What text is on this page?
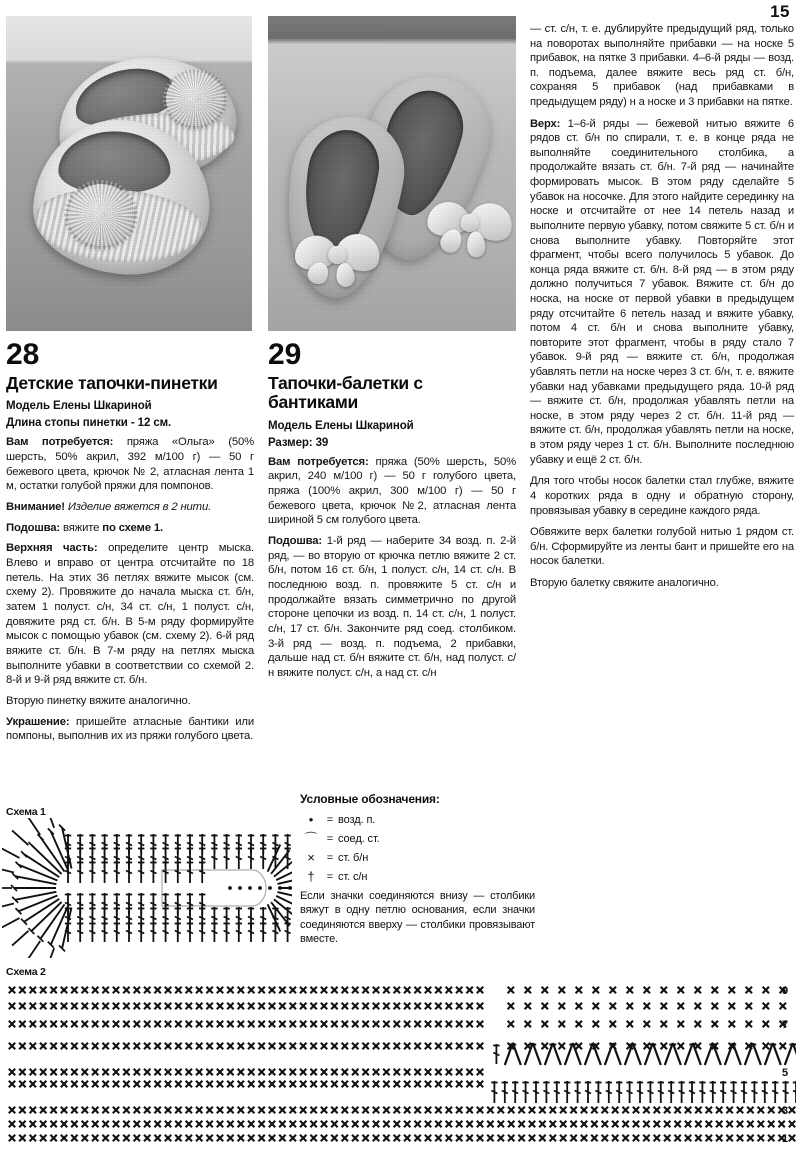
15
28
Детские тапочки-пинетки
Модель Елены Шкариной
Длина стопы пинетки - 12 см.

Вам потребуется: пряжа «Ольга» (50% шерсть, 50% акрил, 392 м/100 г) — 50 г бежевого цвета, крючок № 2, атласная лента 1 м, остатки голубой пряжи для помпонов.

Внимание! Изделие вяжется в 2 нити.

Подошва: вяжите по схеме 1.

Верхняя часть: определите центр мыска. Влево и вправо от центра отсчитайте по 18 петель. На этих 36 петлях вяжите мысок (см. схему 2). Провяжите до начала мыска ст. б/н, затем 1 полуст. с/н, 34 ст. с/н, 1 полуст. с/н, довяжите ряд ст. б/н. В 5-м ряду формируйте мысок с помощью убавок (см. схему 2). 6-й ряд вяжите ст. б/н. В 7-м ряду на петлях мыска выполните убавки в соответствии со схемой 2. 8-й и 9-й ряд вяжите ст. б/н.

Вторую пинетку вяжите аналогично.

Украшение: пришейте атласные бантики или помпоны, выполнив их из пряжи голубого цвета.

29
Тапочки-балетки с бантиками
Модель Елены Шкариной
Размер: 39

Вам потребуется: пряжа (50% шерсть, 50% акрил, 240 м/100 г) — 50 г голубого цвета, пряжа (100% акрил, 300 м/100 г) — 50 г бежевого цвета, крючок №2, атласная лента шириной 5 см голубого цвета.

Подошва: 1-й ряд — наберите 34 возд. п. 2-й ряд, — во вторую от крючка петлю вяжите 2 ст. б/н, потом 16 ст. б/н, 1 полуст. с/н, 14 ст. с/н. В последнюю возд. п. провяжите 5 ст. с/н и продолжайте вязать симметрично по другой стороне цепочки из возд. п. 14 ст. с/н, 1 полуст. с/н, 17 ст. б/н. Закончите ряд соед. столбиком. 3-й ряд — возд. п. подъема, 2 прибавки, дальше над ст. б/н вяжите ст. б/н, над полуст. с/н вяжите полуст. с/н, а над ст. с/н

— ст. с/н, т. е. дублируйте предыдущий ряд, только на поворотах выполняйте прибавки — на носке 5 прибавок, на пятке 3 прибавки. 4–6-й ряды — возд. п. подъема, далее вяжите весь ряд ст. б/н, сохраняя 5 прибавок (над прибавками в предыдущем ряду) н а носке и 3 прибавки на пятке.

Верх: 1–6-й ряды — бежевой нитью вяжите 6 рядов ст. б/н по спирали, т. е. в конце ряда не выполняйте соединительного столбика, а продолжайте вязать ст. б/н. 7-й ряд — начинайте формировать мысок. В этом ряду сделайте 5 убавок на носочке. Для этого найдите серединку на носке и отсчитайте от нее 14 петель назад и выполните первую убавку, потом свяжите 5 ст. б/н и снова выполните убавку. Повторяйте этот фрагмент, чтобы всего получилось 5 убавок. До конца ряда вяжите ст. б/н. 8-й ряд — в этом ряду должно получиться 7 убавок. Вяжите ст. б/н до носка, на носке от первой убавки в предыдущем ряду отсчитайте 6 петель назад и вяжите убавку, потом 4 ст. б/н и снова выполните убавку, повторите этот фрагмент, чтобы в ряду стало 7 убавок. 9-й ряд — вяжите ст. б/н, продолжая убавлять петли на носке через 3 ст. б/н, т. е. вяжите убавки над убавками предыдущего ряда. 10-й ряд — вяжите ст. б/н, продолжая убавлять петли на носке, в этом ряду через 2 ст. б/н. 11-й ряд — вяжите ст. б/н, продолжая убавлять петли на носке, в этом ряду через 1 ст. б/н. Выполните последнюю убавку и ещё 2 ст. б/н.

Для того чтобы носок балетки стал глубже, вяжите 4 коротких ряда в одну и обратную сторону, провязывая убавку в середине каждого ряда.

Обвяжите верх балетки голубой нитью 1 рядом ст. б/н. Сформируйте из ленты бант и пришейте его на носок балетки.

Вторую балетку свяжите аналогично.

Условные обозначения:
•	= возд. п.
⌒ = соед. ст.
×	= ст. б/н
†	= ст. с/н
Если значки соединяются внизу — столбики вяжут в одну петлю основания, если значки соединяются вверху — столбики провязывают вместе.
Схема 1
Схема 2
9
7
5
3
1
